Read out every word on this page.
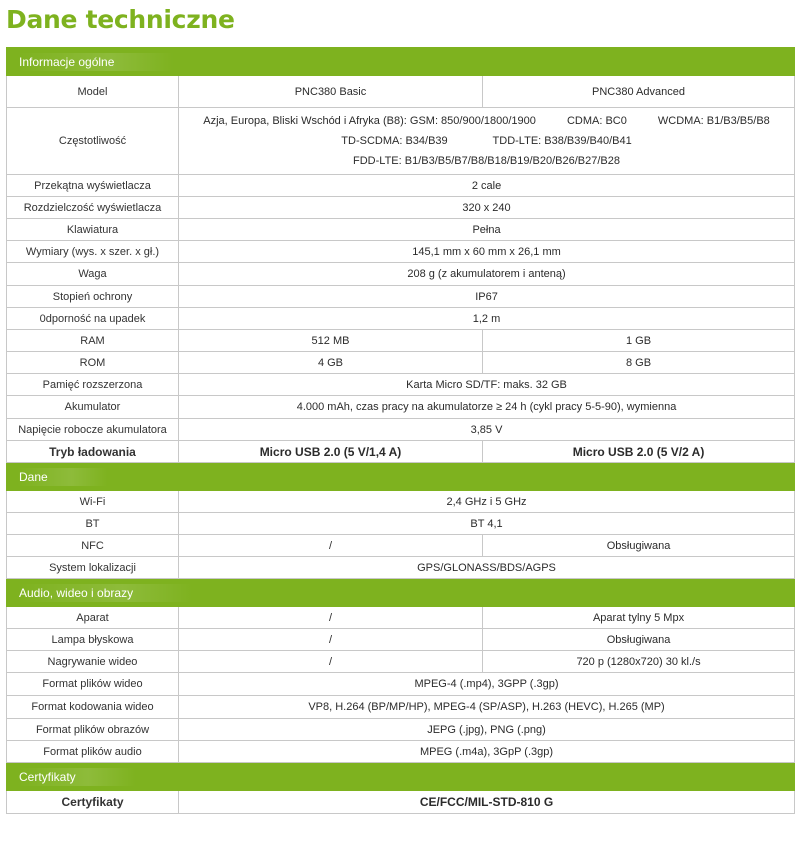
Dane techniczne
Informacje ogólne		
Model	PNC380 Basic	PNC380 Advanced
Częstotliwość	Azja, Europa, Bliski Wschód i Afryka (B8): GSM: 850/900/1800/1900 CDMA: BC0 WCDMA: B1/B3/B5/B8
TD-SCDMA: B34/B39 TDD-LTE: B38/B39/B40/B41
FDD-LTE: B1/B3/B5/B7/B8/B18/B19/B20/B26/B27/B28	

Przekątna wyświetlacza	2 cale	
Rozdzielczość wyświetlacza	320 x 240	
Klawiatura	Pełna	
Wymiary (wys. x szer. x gł.)	145,1 mm x 60 mm x 26,1 mm	
Waga	208 g (z akumulatorem i anteną)	
Stopień ochrony	IP67	
0dporność na upadek	1,2 m	
RAM	512 MB	1 GB
ROM	4 GB	8 GB
Pamięć rozszerzona	Karta Micro SD/TF: maks. 32 GB	
Akumulator	4.000 mAh, czas pracy na akumulatorze ≥ 24 h (cykl pracy 5-5-90), wymienna	
Napięcie robocze akumulatora	3,85 V	
Tryb ładowania	Micro USB 2.0 (5 V/1,4 A)	Micro USB 2.0 (5 V/2 A)
Dane		
Wi-Fi	2,4 GHz i 5 GHz	
BT	BT 4,1	
NFC	/	Obsługiwana
System lokalizacji	GPS/GLONASS/BDS/AGPS	
Audio, wideo i obrazy		
Aparat	/	Aparat tylny 5 Mpx
Lampa błyskowa	/	Obsługiwana
Nagrywanie wideo	/	720 p (1280x720) 30 kl./s
Format plików wideo	MPEG-4 (.mp4), 3GPP (.3gp)	
Format kodowania wideo	VP8, H.264 (BP/MP/HP), MPEG-4 (SP/ASP), H.263 (HEVC), H.265 (MP)	
Format plików obrazów	JEPG (.jpg), PNG (.png)	
Format plików audio	MPEG (.m4a), 3GpP (.3gp)	
Certyfikaty		
Certyfikaty	CE/FCC/MIL-STD-810 G	
